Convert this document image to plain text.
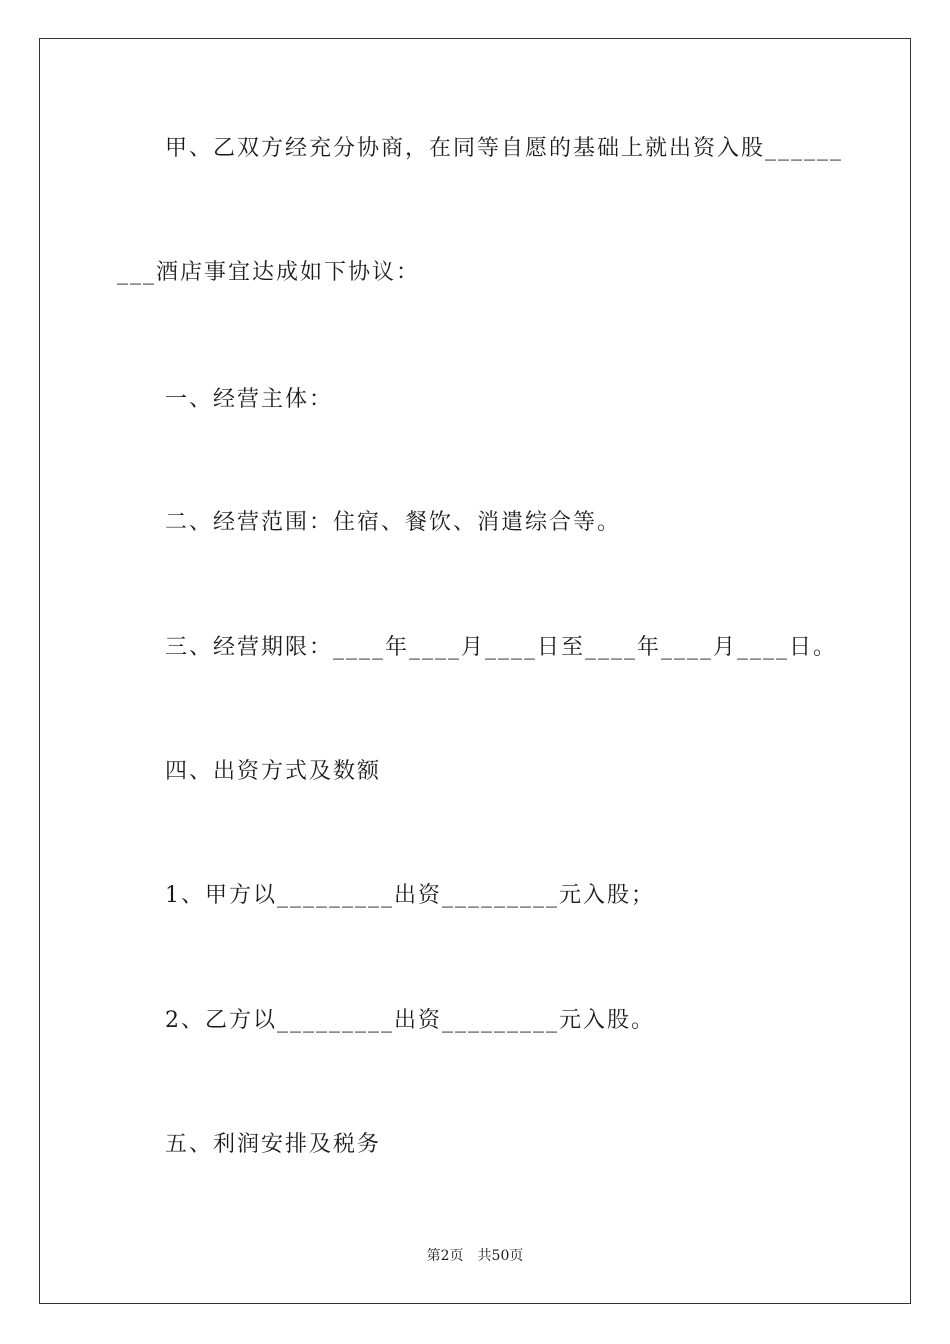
甲、乙双方经充分协商，在同等自愿的基础上就出资入股______
___酒店事宜达成如下协议：
一、经营主体：
二、经营范围：住宿、餐饮、消遣综合等。
三、经营期限：____年____月____日至____年____月____日。
四、出资方式及数额
1、甲方以_________出资_________元入股；
2、乙方以_________出资_________元入股。
五、利润安排及税务
第2页 共50页
